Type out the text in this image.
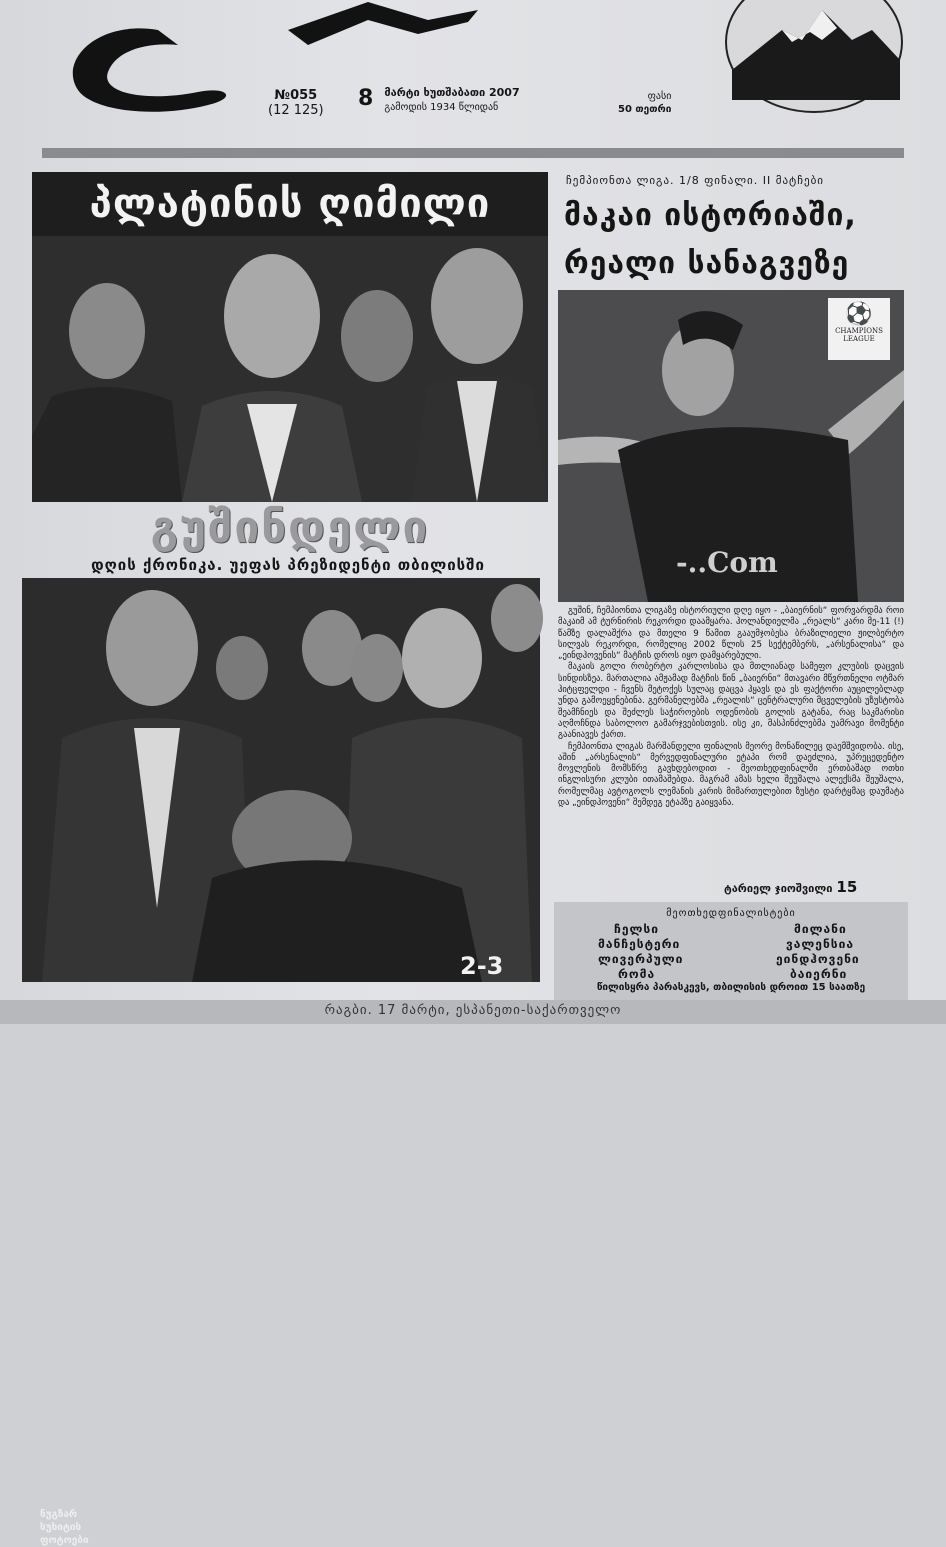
№055
(12 125) 8 მარტი ხუთშაბათი 2007
გამოდის 1934 წლიდან
ფასი
50 თეთრი
პლატინის ღიმილი
გუშინდელი
დღის ქრონიკა. უეფას პრეზიდენტი თბილისში
ნუგზარ
სუხიტის
ფოტოები
2-3
ჩემპიონთა ლიგა. 1/8 ფინალი. II მატჩები
მაკაი ისტორიაში,
რეალი სანაგვეზე
-..Com
⚽
CHAMPIONS LEAGUE

გუშინ, ჩემპიონთა ლიგაზე ისტორიული დღე იყო - „ბაიერნის“ ფორვარდმა როი მაკაიმ ამ ტურნირის რეკორდი დაამყარა. ჰოლანდიელმა „რეალს“ კარი მე-11 (!) წამზე დალაშქრა და მთელი 9 წამით გააუმჯობესა ბრაზილიელი ჟილბერტო სილვას რეკორდი, რომელიც 2002 წლის 25 სექტემბერს, „არსენალისა“ და „ეინდჰოვენის“ მატჩის დროს იყო დამყარებული.

მაკაის გოლი რობერტო კარლოსისა და მთლიანად სამეფო კლუბის დაცვის სინდისზეა. მართალია ამჟამად მატჩის წინ „ბაიერნი“ მთავარი მწვრთნელი ოტმარ ჰიტცფელდი - ჩვენს მეტოქეს სულაც დაცვა ჰყავს და ეს ფაქტორი აუცილებლად უნდა გამოეყენებინა. გერმანელებმა „რეალის“ ცენტრალური მცველების უზუსტობა შეამჩნიეს და შეძლეს საჭიროების ოდენობის გოლის გატანა, რაც საკმარისი აღმოჩნდა საბოლოო გამარჯვებისთვის. ისე კი, მასპინძლებმა უამრავი მომენტი გაანიავეს ქართ.

ჩემპიონთა ლიგას მარშანდელი ფინალის მეორე მონაწილეც დაემშვიდობა. ისე, აშინ „არსენალის“ მერვედფინალური ეტაპი რომ დაეძლია, უპრეცედენტო მოვლენის მომსწრე გავხდებოდით - მეოთხედფინალში ერთბაშად ოთხი ინგლისური კლუბი ითამაშებდა. მაგრამ ამას ხელი შეუშალა ალექსმა შეუშალა, რომელმაც ავტოგოლს ლემანის კარის მიმართულებით ზუსტი დარტყმაც დაუმატა და „ეინდჰოვენი“ შემდეგ ეტაპზე გაიყვანა.

ტარიელ ჯიოშვილი 15
მეოთხედფინალისტები
ჩელსი
მანჩესტერი
ლივერპული
რომა
მილანი
ვალენსია
ეინდჰოვენი
ბაიერნი
წილისყრა პარასკევს, თბილისის დროით 15 საათზე
რაგბი. 17 მარტი, ესპანეთი-საქართველო
